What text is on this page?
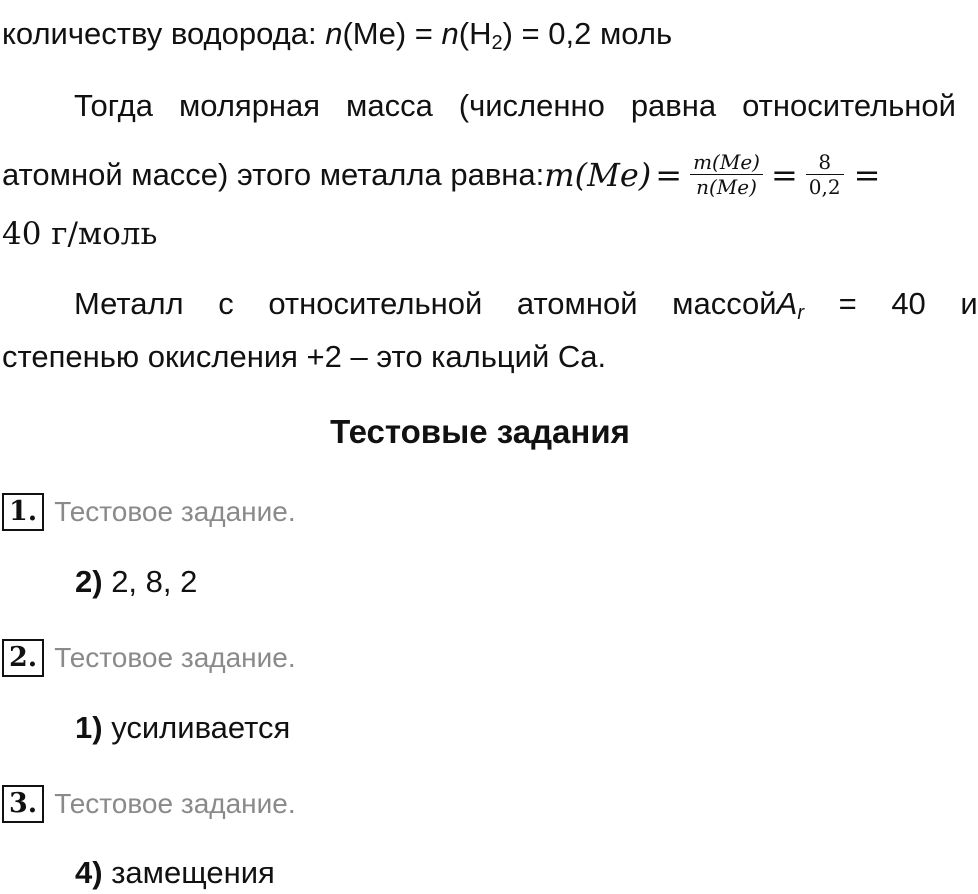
количеству водорода: $n(Me) = n(H_2) = 0,2$ моль
Тогда молярная масса (численно равна относительной
атомной массе) этого металла равна: $m(Me) = \frac{m(Me)}{n(Me)} = \frac{8}{0,2}$ =
40 г/моль
Металл с относительной атомной массой $A_r = 40$ и
степенью окисления +2 – это кальций Ca.
Тестовые задания
1. Тестовое задание.
2) 2, 8, 2
2. Тестовое задание.
1) усиливается
3. Тестовое задание.
4) замещения
